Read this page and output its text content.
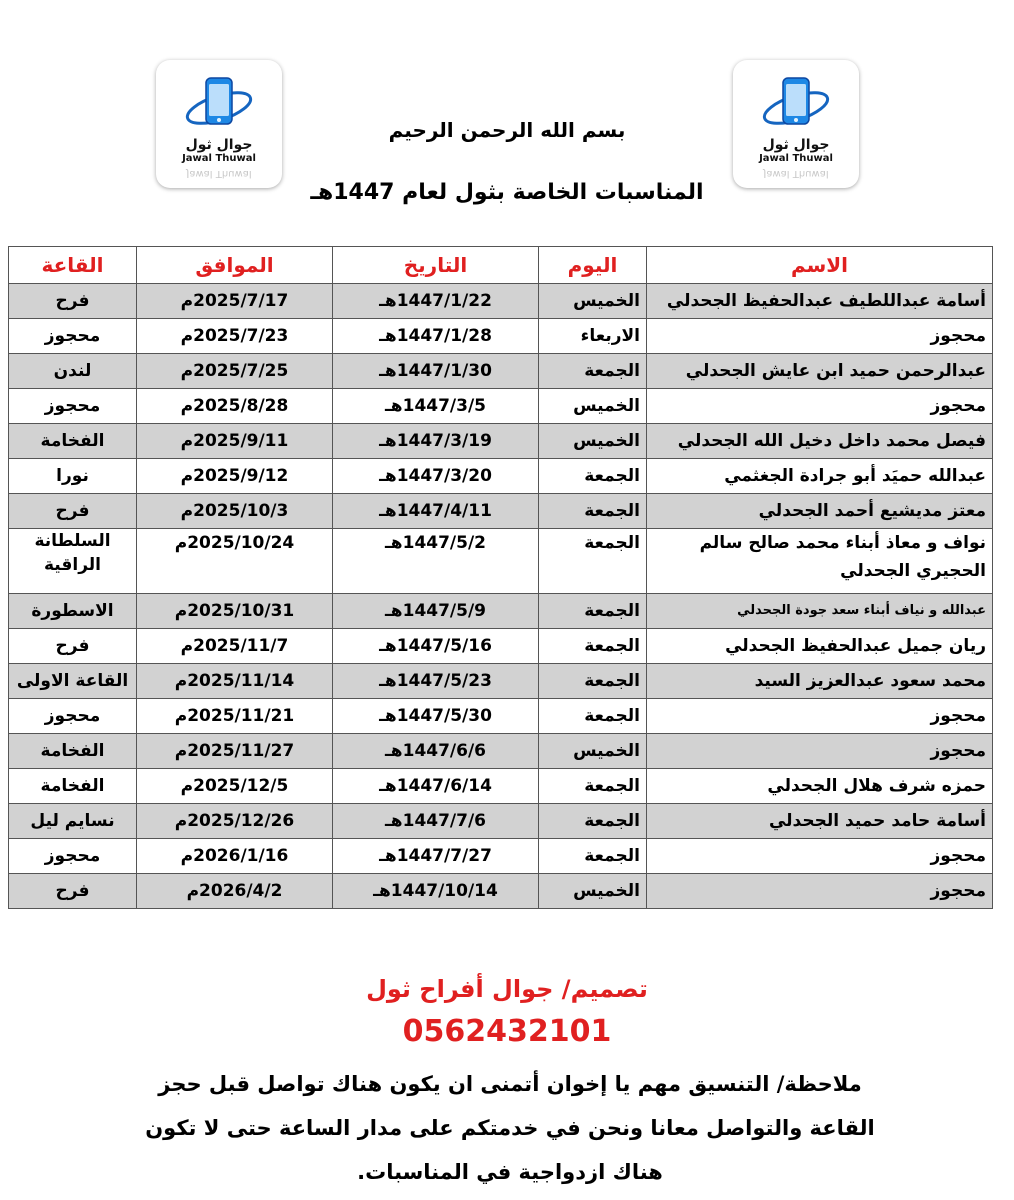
جوال ثول
Jawal Thuwal
Jawal Thuwal
جوال ثول
Jawal Thuwal
Jawal Thuwal
بسم الله الرحمن الرحيم
المناسبات الخاصة بثول لعام 1447هـ
الاسم	اليوم	التاريخ	الموافق	القاعة
أسامة عبداللطيف عبدالحفيظ الجحدلي	الخميس	1447/1/22هـ	2025/7/17م	فرح
محجوز	الاربعاء	1447/1/28هـ	2025/7/23م	محجوز
عبدالرحمن حميد ابن عايش الجحدلي	الجمعة	1447/1/30هـ	2025/7/25م	لندن
محجوز	الخميس	1447/3/5هـ	2025/8/28م	محجوز
فيصل محمد داخل دخيل الله الجحدلي	الخميس	1447/3/19هـ	2025/9/11م	الفخامة
عبدالله حميَد أبو جرادة الجغثمي	الجمعة	1447/3/20هـ	2025/9/12م	نورا
معتز مديشيع أحمد الجحدلي	الجمعة	1447/4/11هـ	2025/10/3م	فرح
نواف و معاذ أبناء محمد صالح سالم الحجيري الجحدلي	الجمعة	1447/5/2هـ	2025/10/24م	السلطانة الراقية
عبدالله و نياف أبناء سعد جودة الجحدلي	الجمعة	1447/5/9هـ	2025/10/31م	الاسطورة
ريان جميل عبدالحفيظ الجحدلي	الجمعة	1447/5/16هـ	2025/11/7م	فرح
محمد سعود عبدالعزيز السيد	الجمعة	1447/5/23هـ	2025/11/14م	القاعة الاولى
محجوز	الجمعة	1447/5/30هـ	2025/11/21م	محجوز
محجوز	الخميس	1447/6/6هـ	2025/11/27م	الفخامة
حمزه شرف هلال الجحدلي	الجمعة	1447/6/14هـ	2025/12/5م	الفخامة
أسامة حامد حميد الجحدلي	الجمعة	1447/7/6هـ	2025/12/26م	نسايم ليل
محجوز	الجمعة	1447/7/27هـ	2026/1/16م	محجوز
محجوز	الخميس	1447/10/14هـ	2026/4/2م	فرح
تصميم/ جوال أفراح ثول
0562432101
ملاحظة/ التنسيق مهم يا إخوان أتمنى ان يكون هناك تواصل قبل حجز القاعة والتواصل معانا ونحن في خدمتكم على مدار الساعة حتى لا تكون هناك ازدواجية في المناسبات.
